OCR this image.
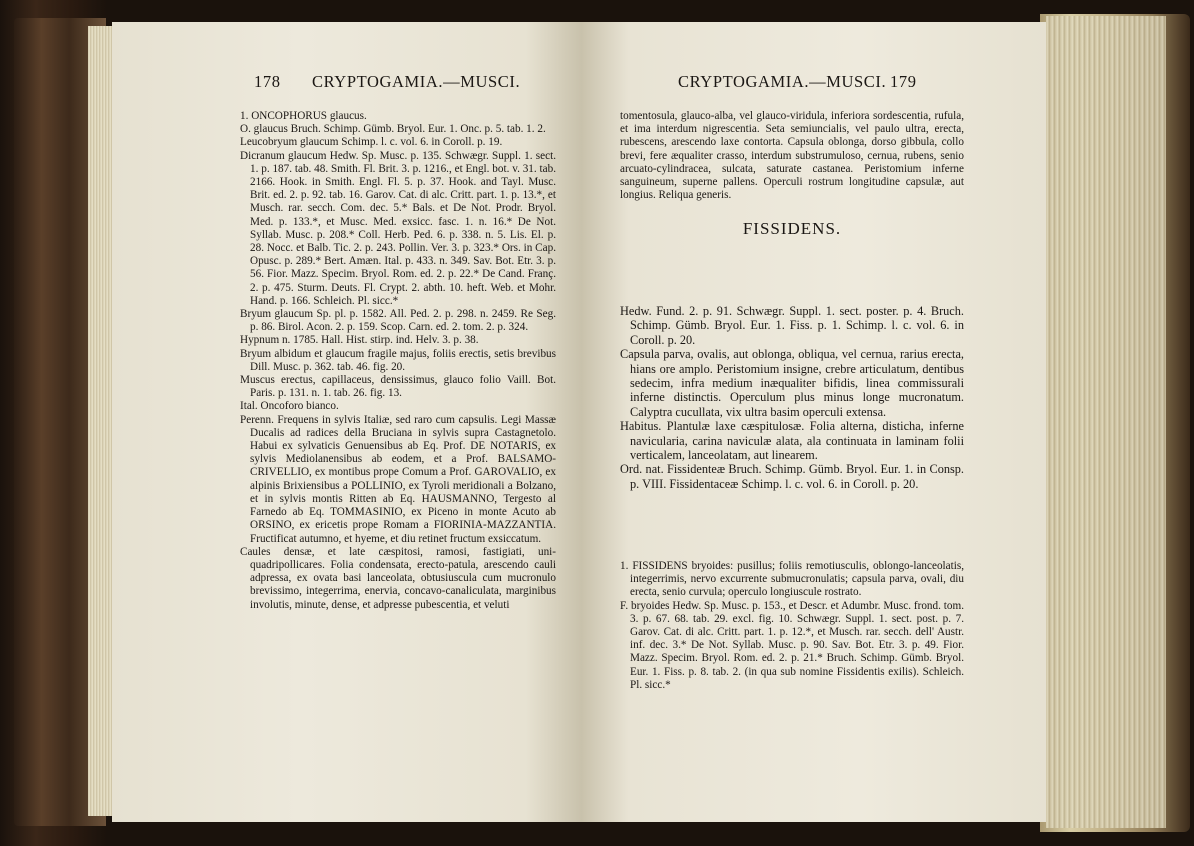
178 CRYPTOGAMIA.—MUSCI.

1. ONCOPHORUS glaucus.

O. glaucus Bruch. Schimp. Gümb. Bryol. Eur. 1. Onc. p. 5. tab. 1. 2.

Leucobryum glaucum Schimp. l. c. vol. 6. in Coroll. p. 19.

Dicranum glaucum Hedw. Sp. Musc. p. 135. Schwægr. Suppl. 1. sect. 1. p. 187. tab. 48. Smith. Fl. Brit. 3. p. 1216., et Engl. bot. v. 31. tab. 2166. Hook. in Smith. Engl. Fl. 5. p. 37. Hook. and Tayl. Musc. Brit. ed. 2. p. 92. tab. 16. Garov. Cat. di alc. Critt. part. 1. p. 13.*, et Musch. rar. secch. Com. dec. 5.* Bals. et De Not. Prodr. Bryol. Med. p. 133.*, et Musc. Med. exsicc. fasc. 1. n. 16.* De Not. Syllab. Musc. p. 208.* Coll. Herb. Ped. 6. p. 338. n. 5. Lis. El. p. 28. Nocc. et Balb. Tic. 2. p. 243. Pollin. Ver. 3. p. 323.* Ors. in Cap. Opusc. p. 289.* Bert. Amæn. Ital. p. 433. n. 349. Sav. Bot. Etr. 3. p. 56. Fior. Mazz. Specim. Bryol. Rom. ed. 2. p. 22.* De Cand. Franç. 2. p. 475. Sturm. Deuts. Fl. Crypt. 2. abth. 10. heft. Web. et Mohr. Hand. p. 166. Schleich. Pl. sicc.*

Bryum glaucum Sp. pl. p. 1582. All. Ped. 2. p. 298. n. 2459. Re Seg. p. 86. Birol. Acon. 2. p. 159. Scop. Carn. ed. 2. tom. 2. p. 324.

Hypnum n. 1785. Hall. Hist. stirp. ind. Helv. 3. p. 38.

Bryum albidum et glaucum fragile majus, foliis erectis, setis brevibus Dill. Musc. p. 362. tab. 46. fig. 20.

Muscus erectus, capillaceus, densissimus, glauco folio Vaill. Bot. Paris. p. 131. n. 1. tab. 26. fig. 13.

Ital. Oncoforo bianco.

Perenn. Frequens in sylvis Italiæ, sed raro cum capsulis. Legi Massæ Ducalis ad radices della Bruciana in sylvis supra Castagnetolo. Habui ex sylvaticis Genuensibus ab Eq. Prof. DE NOTARIS, ex sylvis Mediolanensibus ab eodem, et a Prof. BALSAMO-CRIVELLIO, ex montibus prope Comum a Prof. GAROVALIO, ex alpinis Brixiensibus a POLLINIO, ex Tyroli meridionali a Bolzano, et in sylvis montis Ritten ab Eq. HAUSMANNO, Tergesto al Farnedo ab Eq. TOMMASINIO, ex Piceno in monte Acuto ab ORSINO, ex ericetis prope Romam a FIORINIA-MAZZANTIA. Fructificat autumno, et hyeme, et diu retinet fructum exsiccatum.

Caules densæ, et late cæspitosi, ramosi, fastigiati, uni-quadripollicares. Folia condensata, erecto-patula, arescendo cauli adpressa, ex ovata basi lanceolata, obtusiuscula cum mucronulo brevissimo, integerrima, enervia, concavo-canaliculata, marginibus involutis, minute, dense, et adpresse pubescentia, et veluti

CRYPTOGAMIA.—MUSCI. 179

tomentosula, glauco-alba, vel glauco-viridula, inferiora sordescentia, rufula, et ima interdum nigrescentia. Seta semiuncialis, vel paulo ultra, erecta, rubescens, arescendo laxe contorta. Capsula oblonga, dorso gibbula, collo brevi, fere æqualiter crasso, interdum substrumuloso, cernua, rubens, senio arcuato-cylindracea, sulcata, saturate castanea. Peristomium inferne sanguineum, superne pallens. Operculi rostrum longitudine capsulæ, aut longius. Reliqua generis.

FISSIDENS.

Hedw. Fund. 2. p. 91. Schwægr. Suppl. 1. sect. poster. p. 4. Bruch. Schimp. Gümb. Bryol. Eur. 1. Fiss. p. 1. Schimp. l. c. vol. 6. in Coroll. p. 20.

Capsula parva, ovalis, aut oblonga, obliqua, vel cernua, rarius erecta, hians ore amplo. Peristomium insigne, crebre articulatum, dentibus sedecim, infra medium inæqualiter bifidis, linea commissurali inferne distinctis. Operculum plus minus longe mucronatum. Calyptra cucullata, vix ultra basim operculi extensa.

Habitus. Plantulæ laxe cæspitulosæ. Folia alterna, disticha, inferne navicularia, carina naviculæ alata, ala continuata in laminam folii verticalem, lanceolatam, aut linearem.

Ord. nat. Fissidenteæ Bruch. Schimp. Gümb. Bryol. Eur. 1. in Consp. p. VIII. Fissidentaceæ Schimp. l. c. vol. 6. in Coroll. p. 20.

1. FISSIDENS bryoides: pusillus; foliis remotiusculis, oblongo-lanceolatis, integerrimis, nervo excurrente submucronulatis; capsula parva, ovali, diu erecta, senio curvula; operculo longiuscule rostrato.

F. bryoides Hedw. Sp. Musc. p. 153., et Descr. et Adumbr. Musc. frond. tom. 3. p. 67. 68. tab. 29. excl. fig. 10. Schwægr. Suppl. 1. sect. post. p. 7. Garov. Cat. di alc. Critt. part. 1. p. 12.*, et Musch. rar. secch. dell' Austr. inf. dec. 3.* De Not. Syllab. Musc. p. 90. Sav. Bot. Etr. 3. p. 49. Fior. Mazz. Specim. Bryol. Rom. ed. 2. p. 21.* Bruch. Schimp. Gümb. Bryol. Eur. 1. Fiss. p. 8. tab. 2. (in qua sub nomine Fissidentis exilis). Schleich. Pl. sicc.*
